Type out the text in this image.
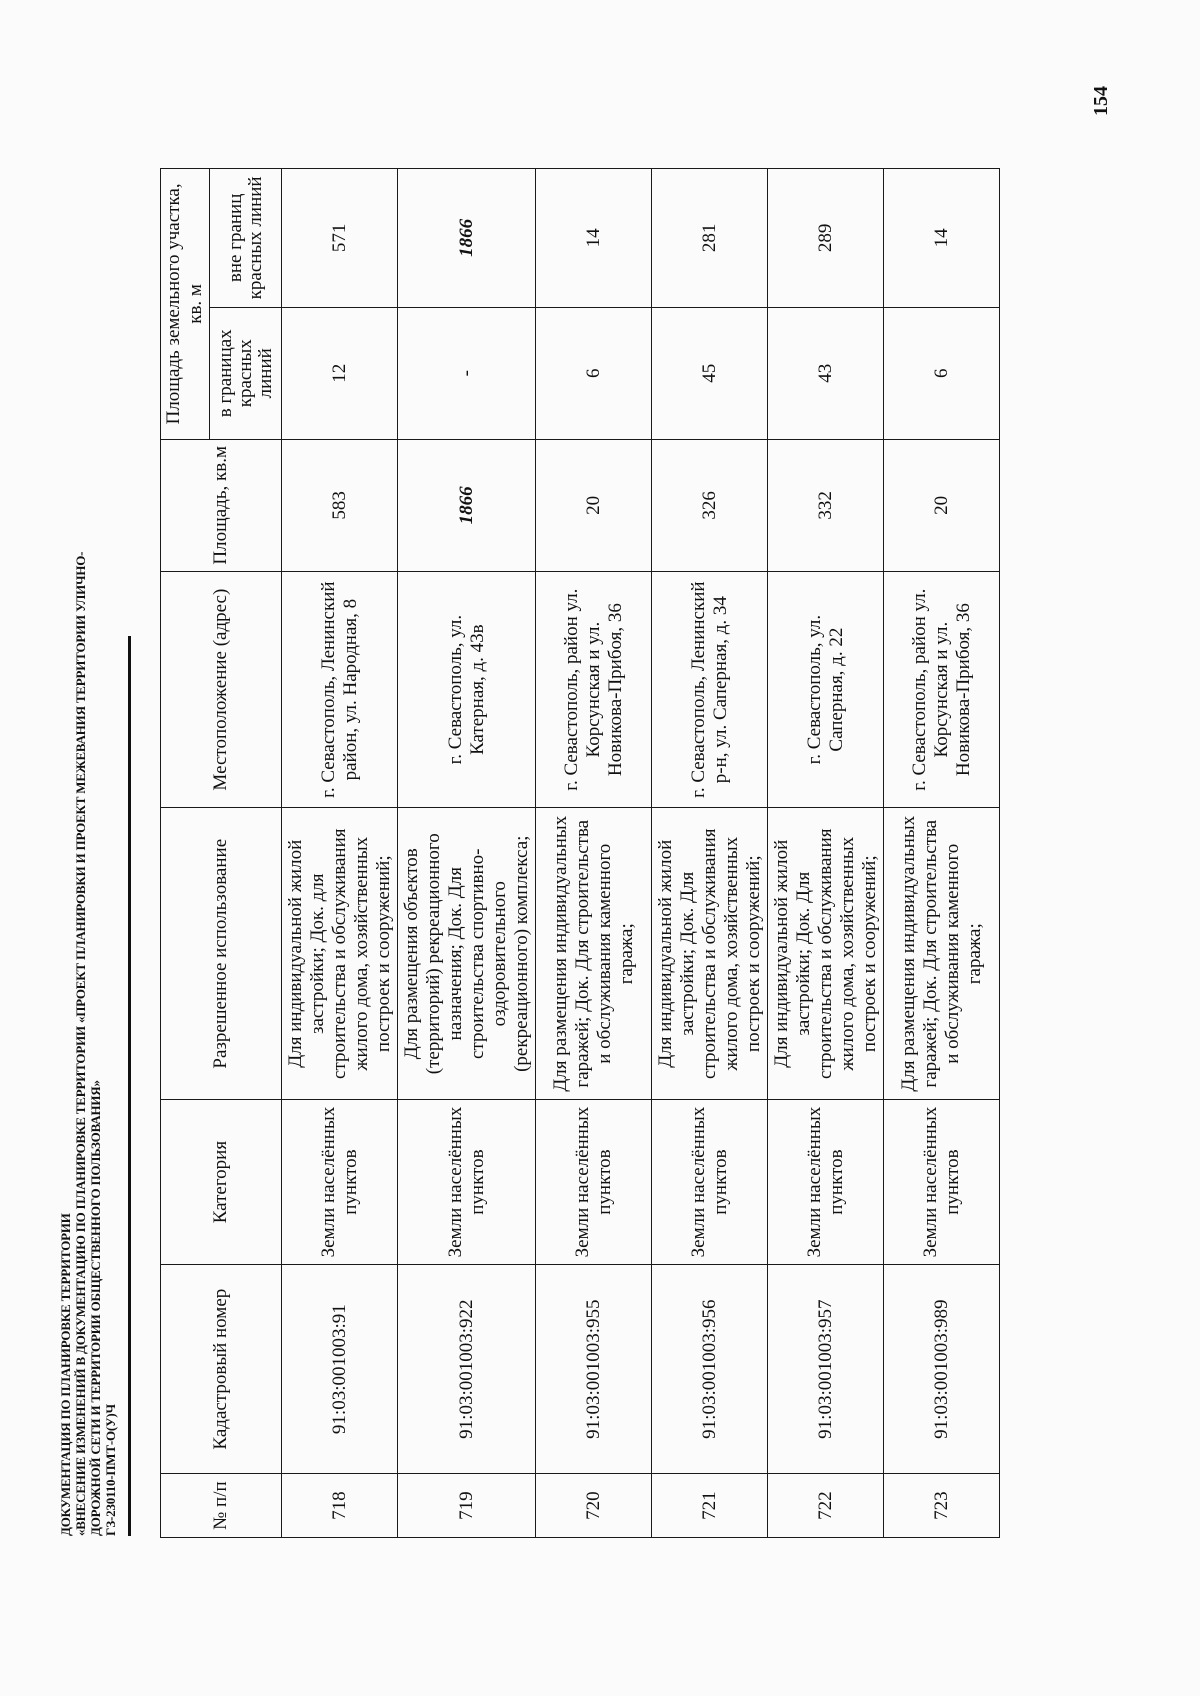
ДОКУМЕНТАЦИЯ ПО ПЛАНИРОВКЕ ТЕРРИТОРИИ «ВНЕСЕНИЕ ИЗМЕНЕНИЙ В ДОКУМЕНТАЦИЮ ПО ПЛАНИРОВКЕ ТЕРРИТОРИИ «ПРОЕКТ ПЛАНИРОВКИ И ПРОЕКТ МЕЖЕВАНИЯ ТЕРРИТОРИИ УЛИЧНО- ДОРОЖНОЙ СЕТИ И ТЕРРИТОРИИ ОБЩЕСТВЕННОГО ПОЛЬЗОВАНИЯ» ГЗ-230110-ПМТ-О(У)Ч
154
№ п/п	Кадастровый номер	Категория	Разрешенное использование	Местоположение (адрес)	Площадь, кв.м	Площадь земельного участка, кв. м	
						в границах красных линий	вне границ красных линий
718	91:03:001003:91	Земли населённых пунктов	Для индивидуальной жилой застройки; Док. для строительства и обслуживания жилого дома, хозяйственных построек и сооружений;	г. Севастополь, Ленинский район, ул. Народная, 8	583	12	571
719	91:03:001003:922	Земли населённых пунктов	Для размещения объектов (территорий) рекреационного назначения; Док. Для строительства спортивно-оздоровительного (рекреационного) комплекса;	г. Севастополь, ул. Катерная, д. 43в	1866	-	1866
720	91:03:001003:955	Земли населённых пунктов	Для размещения индивидуальных гаражей; Док. Для строительства и обслуживания каменного гаража;	г. Севастополь, район ул. Корсунская и ул. Новикова-Прибоя, 36	20	6	14
721	91:03:001003:956	Земли населённых пунктов	Для индивидуальной жилой застройки; Док. Для строительства и обслуживания жилого дома, хозяйственных построек и сооружений;	г. Севастополь, Ленинский р-н, ул. Саперная, д. 34	326	45	281
722	91:03:001003:957	Земли населённых пунктов	Для индивидуальной жилой застройки; Док. Для строительства и обслуживания жилого дома, хозяйственных построек и сооружений;	г. Севастополь, ул. Саперная, д. 22	332	43	289
723	91:03:001003:989	Земли населённых пунктов	Для размещения индивидуальных гаражей; Док. Для строительства и обслуживания каменного гаража;	г. Севастополь, район ул. Корсунская и ул. Новикова-Прибоя, 36	20	6	14
